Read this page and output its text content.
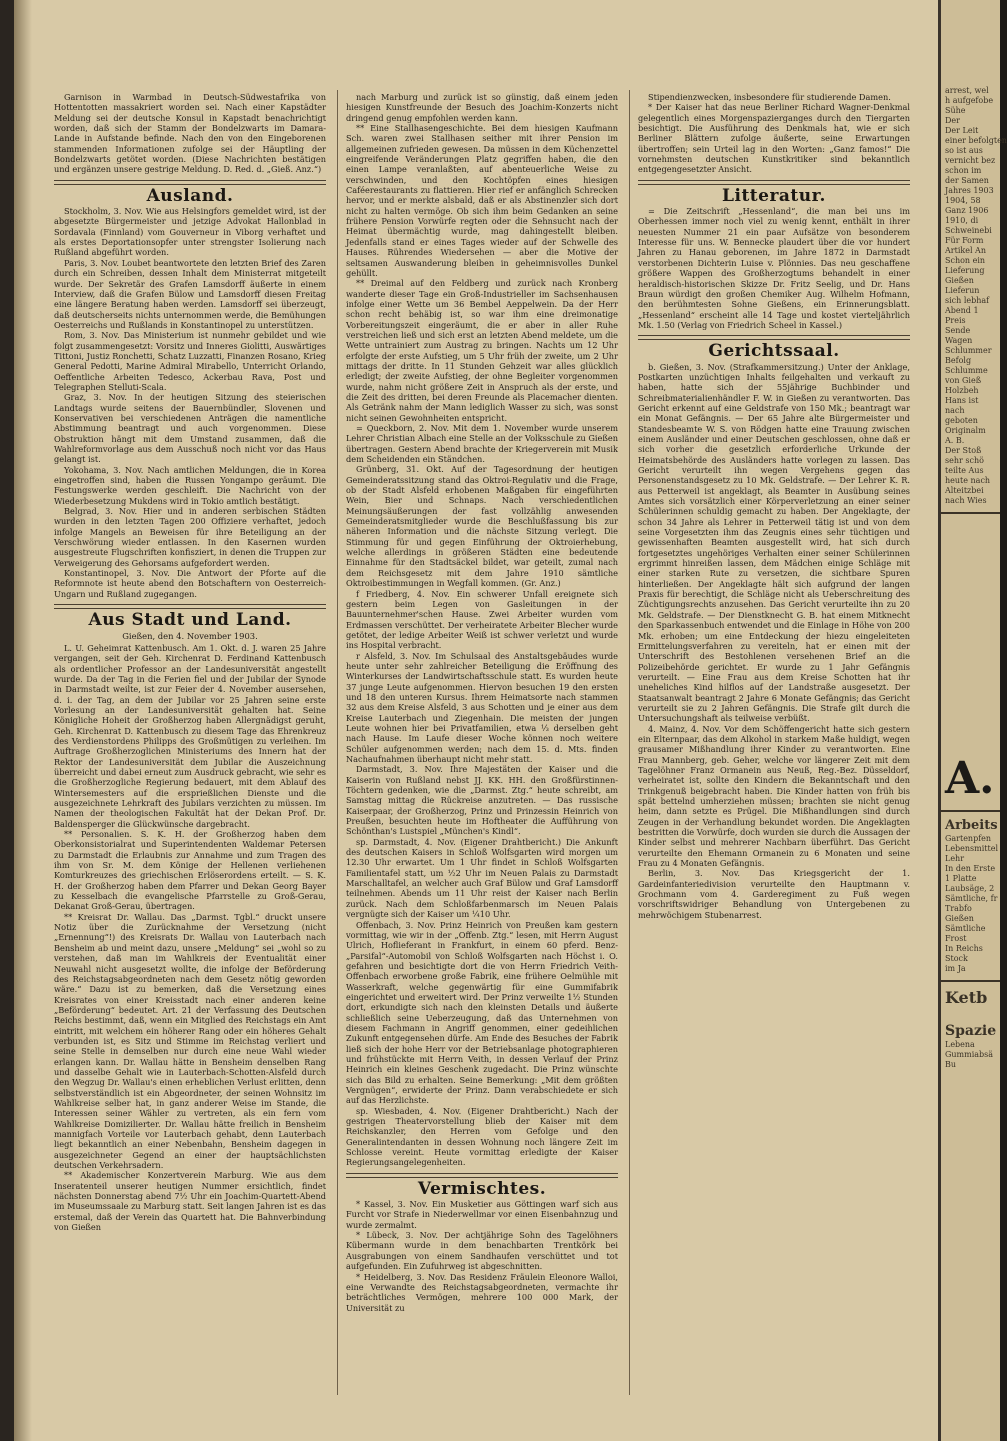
Garnison in Warmbad in Deutsch-Südwestafrika von Hottentotten massakriert worden sei. Nach einer Kapstädter Meldung sei der deutsche Konsul in Kapstadt benachrichtigt worden, daß sich der Stamm der Bondelzwarts im Damara-Lande in Aufstande befinde. Nach den von den Eingeborenen stammenden Informationen zufolge sei der Häuptling der Bondelzwarts getötet worden. (Diese Nachrichten bestätigen und ergänzen unsere gestrige Meldung. D. Red. d. „Gieß. Anz.“)

Ausland.

Stockholm, 3. Nov. Wie aus Helsingfors gemeldet wird, ist der abgesetzte Bürgermeister und jetzige Advokat Hallonblad in Sordavala (Finnland) vom Gouverneur in Viborg verhaftet und als erstes Deportationsopfer unter strengster Isolierung nach Rußland abgeführt worden.

Paris, 3. Nov. Loubet beantwortete den letzten Brief des Zaren durch ein Schreiben, dessen Inhalt dem Ministerrat mitgeteilt wurde. Der Sekretär des Grafen Lamsdorff äußerte in einem Interview, daß die Grafen Bülow und Lamsdorff diesen Freitag eine längere Beratung haben werden. Lamsdorff sei überzeugt, daß deutscherseits nichts unternommen werde, die Bemühungen Oesterreichs und Rußlands in Konstantinopel zu unterstützen.

Rom, 3. Nov. Das Ministerium ist nunmehr gebildet und wie folgt zusammengesetzt: Vorsitz und Inneres Giolitti, Auswärtiges Tittoni, Justiz Ronchetti, Schatz Luzzatti, Finanzen Rosano, Krieg General Pedotti, Marine Admiral Mirabello, Unterricht Orlando, Oeffentliche Arbeiten Tedesco, Ackerbau Rava, Post und Telegraphen Stelluti-Scala.

Graz, 3. Nov. In der heutigen Sitzung des steierischen Landtags wurde seitens der Bauernbündler, Slovenen und Konservativen bei verschiedenen Anträgen die namentliche Abstimmung beantragt und auch vorgenommen. Diese Obstruktion hängt mit dem Umstand zusammen, daß die Wahlreformvorlage aus dem Ausschuß noch nicht vor das Haus gelangt ist.

Yokohama, 3. Nov. Nach amtlichen Meldungen, die in Korea eingetroffen sind, haben die Russen Yongampo geräumt. Die Festungswerke werden geschleift. Die Nachricht von der Wiederbesetzung Mukdens wird in Tokio amtlich bestätigt.

Belgrad, 3. Nov. Hier und in anderen serbischen Städten wurden in den letzten Tagen 200 Offiziere verhaftet, jedoch infolge Mangels an Beweisen für ihre Beteiligung an der Verschwörung wieder entlassen. In den Kasernen wurden ausgestreute Flugschriften konfisziert, in denen die Truppen zur Verweigerung des Gehorsams aufgefordert werden.

Konstantinopel, 3. Nov. Die Antwort der Pforte auf die Reformnote ist heute abend den Botschaftern von Oesterreich-Ungarn und Rußland zugegangen.

Aus Stadt und Land.

Gießen, den 4. November 1903.

L. U. Geheimrat Kattenbusch. Am 1. Okt. d. J. waren 25 Jahre vergangen, seit der Geh. Kirchenrat D. Ferdinand Kattenbusch als ordentlicher Professor an der Landesuniversität angestellt wurde. Da der Tag in die Ferien fiel und der Jubilar der Synode in Darmstadt weilte, ist zur Feier der 4. November ausersehen, d. i. der Tag, an dem der Jubilar vor 25 Jahren seine erste Vorlesung an der Landesuniversität gehalten hat. Seine Königliche Hoheit der Großherzog haben Allergnädigst geruht, Geh. Kirchenrat D. Kattenbusch zu diesem Tage das Ehrenkreuz des Verdienstordens Philipps des Großmütigen zu verleihen. Im Auftrage Großherzoglichen Ministeriums des Innern hat der Rektor der Landesuniversität dem Jubilar die Auszeichnung überreicht und dabei erneut zum Ausdruck gebracht, wie sehr es die Großherzogliche Regierung bedauert, mit dem Ablauf des Wintersemesters auf die ersprießlichen Dienste und die ausgezeichnete Lehrkraft des Jubilars verzichten zu müssen. Im Namen der theologischen Fakultät hat der Dekan Prof. Dr. Baldensperger die Glückwünsche dargebracht.

** Personalien. S. K. H. der Großherzog haben dem Oberkonsistorialrat und Superintendenten Waldemar Petersen zu Darmstadt die Erlaubnis zur Annahme und zum Tragen des ihm von Sr. M. dem Könige der Hellenen verliehenen Komturkreuzes des griechischen Erlöserordens erteilt. — S. K. H. der Großherzog haben dem Pfarrer und Dekan Georg Bayer zu Kesselbach die evangelische Pfarrstelle zu Groß-Gerau, Dekanat Groß-Gerau, übertragen.

** Kreisrat Dr. Wallau. Das „Darmst. Tgbl.“ druckt unsere Notiz über die Zurücknahme der Versetzung (nicht „Ernennung“!) des Kreisrats Dr. Wallau von Lauterbach nach Bensheim ab und meint dazu, unsere „Meldung“ sei „wohl so zu verstehen, daß man im Wahlkreis der Eventualität einer Neuwahl nicht ausgesetzt wollte, die infolge der Beförderung des Reichstagsabgeordneten nach dem Gesetz nötig geworden wäre.“ Dazu ist zu bemerken, daß die Versetzung eines Kreisrates von einer Kreisstadt nach einer anderen keine „Beförderung“ bedeutet. Art. 21 der Verfassung des Deutschen Reichs bestimmt, daß, wenn ein Mitglied des Reichstags ein Amt eintritt, mit welchem ein höherer Rang oder ein höheres Gehalt verbunden ist, es Sitz und Stimme im Reichstag verliert und seine Stelle in demselben nur durch eine neue Wahl wieder erlangen kann. Dr. Wallau hätte in Bensheim denselben Rang und dasselbe Gehalt wie in Lauterbach-Schotten-Alsfeld durch den Wegzug Dr. Wallau's einen erheblichen Verlust erlitten, denn selbstverständlich ist ein Abgeordneter, der seinen Wohnsitz im Wahlkreise selber hat, in ganz anderer Weise im Stande, die Interessen seiner Wähler zu vertreten, als ein fern vom Wahlkreise Domizilierter. Dr. Wallau hätte freilich in Bensheim mannigfach Vorteile vor Lauterbach gehabt, denn Lauterbach liegt bekanntlich an einer Nebenbahn, Bensheim dagegen in ausgezeichneter Gegend an einer der hauptsächlichsten deutschen Verkehrsadern.

** Akademischer Konzertverein Marburg. Wie aus dem Inseratenteil unserer heutigen Nummer ersichtlich, findet nächsten Donnerstag abend 7½ Uhr ein Joachim-Quartett-Abend im Museumssaale zu Marburg statt. Seit langen Jahren ist es das erstemal, daß der Verein das Quartett hat. Die Bahnverbindung von Gießen

nach Marburg und zurück ist so günstig, daß einem jeden hiesigen Kunstfreunde der Besuch des Joachim-Konzerts nicht dringend genug empfohlen werden kann.

** Eine Stallhasengeschichte. Bei dem hiesigen Kaufmann Sch. waren zwei Stallhasen seither mit ihrer Pension im allgemeinen zufrieden gewesen. Da müssen in dem Küchenzettel eingreifende Veränderungen Platz gegriffen haben, die den einen Lampe veranlaßten, auf abenteuerliche Weise zu verschwinden, und den Kochtöpfen eines hiesigen Caféerestaurants zu flattieren. Hier rief er anfänglich Schrecken hervor, und er merkte alsbald, daß er als Abstinenzler sich dort nicht zu halten vermöge. Ob sich ihm beim Gedanken an seine frühere Pension Vorwürfe regten oder die Sehnsucht nach der Heimat übermächtig wurde, mag dahingestellt bleiben. Jedenfalls stand er eines Tages wieder auf der Schwelle des Hauses. Rührendes Wiedersehen — aber die Motive der seltsamen Auswanderung bleiben in geheimnisvolles Dunkel gehüllt.

** Dreimal auf den Feldberg und zurück nach Kronberg wanderte dieser Tage ein Groß-Industrieller im Sachsenhausen infolge einer Wette um 36 Bembel Aeppelwein. Da der Herr schon recht behäbig ist, so war ihm eine dreimonatige Vorbereitungszeit eingeräumt, die er aber in aller Ruhe verstreichen ließ und sich erst an letzten Abend meldete, um die Wette untrainiert zum Austrag zu bringen. Nachts um 12 Uhr erfolgte der erste Aufstieg, um 5 Uhr früh der zweite, um 2 Uhr mittags der dritte. In 11 Stunden Gehzeit war alles glücklich erledigt; der zweite Aufstieg, der ohne Begleiter vorgenommen wurde, nahm nicht größere Zeit in Anspruch als der erste, und die Zeit des dritten, bei deren Freunde als Placemacher dienten. Als Getränk nahm der Mann lediglich Wasser zu sich, was sonst nicht seinen Gewohnheiten entspricht.

= Queckborn, 2. Nov. Mit dem 1. November wurde unserem Lehrer Christian Albach eine Stelle an der Volksschule zu Gießen übertragen. Gestern Abend brachte der Kriegerverein mit Musik dem Scheidenden ein Ständchen.

Grünberg, 31. Okt. Auf der Tagesordnung der heutigen Gemeinderatssitzung stand das Oktroi-Regulativ und die Frage, ob der Stadt Alsfeld erhobenen Maßgaben für eingeführten Wein, Bier und Schnaps. Nach verschiedentlichen Meinungsäußerungen der fast vollzählig anwesenden Gemeinderatsmitglieder wurde die Beschlußfassung bis zur näheren Information und die nächste Sitzung verlegt. Die Stimmung für und gegen Einführung der Oktroierhebung, welche allerdings in größeren Städten eine bedeutende Einnahme für den Stadtsäckel bildet, war geteilt, zumal nach dem Reichsgesetz mit dem Jahre 1910 sämtliche Oktroibestimmungen in Wegfall kommen. (Gr. Anz.)

f Friedberg, 4. Nov. Ein schwerer Unfall ereignete sich gestern beim Legen von Gasleitungen in der Bauunternehmer'schen Hause. Zwei Arbeiter wurden vom Erdmassen verschüttet. Der verheiratete Arbeiter Blecher wurde getötet, der ledige Arbeiter Weiß ist schwer verletzt und wurde ins Hospital verbracht.

r Alsfeld, 3. Nov. Im Schulsaal des Anstaltsgebäudes wurde heute unter sehr zahlreicher Beteiligung die Eröffnung des Winterkurses der Landwirtschaftsschule statt. Es wurden heute 37 junge Leute aufgenommen. Hiervon besuchen 19 den ersten und 18 den unteren Kursus. Ihrem Heimatsorte nach stammen 32 aus dem Kreise Alsfeld, 3 aus Schotten und je einer aus dem Kreise Lauterbach und Ziegenhain. Die meisten der jungen Leute wohnen hier bei Privatfamilien, etwa ⅓ derselben geht nach Hause. Im Laufe dieser Woche können noch weitere Schüler aufgenommen werden; nach dem 15. d. Mts. finden Nachaufnahmen überhaupt nicht mehr statt.

Darmstadt, 3. Nov. Ihre Majestäten der Kaiser und die Kaiserin von Rußland nebst JJ. KK. HH. den Großfürstinnen-Töchtern gedenken, wie die „Darmst. Ztg.“ heute schreibt, am Samstag mittag die Rückreise anzutreten. — Das russische Kaiserpaar, der Großherzog, Prinz und Prinzessin Heinrich von Preußen, besuchten heute im Hoftheater die Aufführung von Schönthan's Lustspiel „München's Kindl“.

sp. Darmstadt, 4. Nov. (Eigener Drahtbericht.) Die Ankunft des deutschen Kaisers in Schloß Wolfsgarten wird morgen um 12.30 Uhr erwartet. Um 1 Uhr findet in Schloß Wolfsgarten Familientafel statt, um ½2 Uhr im Neuen Palais zu Darmstadt Marschalltafel, an welcher auch Graf Bülow und Graf Lamsdorff teilnehmen. Abends um 11 Uhr reist der Kaiser nach Berlin zurück. Nach dem Schloßfarbenmarsch im Neuen Palais vergnügte sich der Kaiser um ¼10 Uhr.

Offenbach, 3. Nov. Prinz Heinrich von Preußen kam gestern vormittag, wie wir in der „Offenb. Ztg.“ lesen, mit Herrn August Ulrich, Hoflieferant in Frankfurt, in einem 60 pferd. Benz-„Parsifal“-Automobil von Schloß Wolfsgarten nach Höchst i. O. gefahren und besichtigte dort die von Herrn Friedrich Veith-Offenbach erworbene große Fabrik, eine frühere Oelmühle mit Wasserkraft, welche gegenwärtig für eine Gummifabrik eingerichtet und erweitert wird. Der Prinz verweilte 1½ Stunden dort, erkundigte sich nach den kleinsten Details und äußerte schließlich seine Ueberzeugung, daß das Unternehmen von diesem Fachmann in Angriff genommen, einer gedeihlichen Zukunft entgegensehen dürfe. Am Ende des Besuches der Fabrik ließ sich der hohe Herr vor der Betriebsanlage photographieren und frühstückte mit Herrn Veith, in dessen Verlauf der Prinz Heinrich ein kleines Geschenk zugedacht. Die Prinz wünschte sich das Bild zu erhalten. Seine Bemerkung: „Mit dem größten Vergnügen“, erwiderte der Prinz. Dann verabschiedete er sich auf das Herzlichste.

sp. Wiesbaden, 4. Nov. (Eigener Drahtbericht.) Nach der gestrigen Theatervorstellung blieb der Kaiser mit dem Reichskanzler, den Herren vom Gefolge und den Generalintendanten in dessen Wohnung noch längere Zeit im Schlosse vereint. Heute vormittag erledigte der Kaiser Regierungsangelegenheiten.

Vermischtes.

* Kassel, 3. Nov. Ein Musketier aus Göttingen warf sich aus Furcht vor Strafe in Niederwellmar vor einen Eisenbahnzug und wurde zermalmt.

* Lübeck, 3. Nov. Der achtjährige Sohn des Tagelöhners Kübermann wurde in dem benachbarten Trentkörk bei Ausgrabungen von einem Sandhaufen verschüttet und tot aufgefunden. Ein Zufuhrweg ist abgeschnitten.

* Heidelberg, 3. Nov. Das Residenz Fräulein Eleonore Walloi, eine Verwandte des Reichstagsabgeordneten, vermachte ihr beträchtliches Vermögen, mehrere 100 000 Mark, der Universität zu

Stipendienzwecken, insbesondere für studierende Damen.

* Der Kaiser hat das neue Berliner Richard Wagner-Denkmal gelegentlich eines Morgenspazierganges durch den Tiergarten besichtigt. Die Ausführung des Denkmals hat, wie er sich Berliner Blättern zufolge äußerte, seine Erwartungen übertroffen; sein Urteil lag in den Worten: „Ganz famos!“ Die vornehmsten deutschen Kunstkritiker sind bekanntlich entgegengesetzter Ansicht.

Litteratur.

= Die Zeitschrift „Hessenland“, die man bei uns im Oberhessen immer noch viel zu wenig kennt, enthält in ihrer neuesten Nummer 21 ein paar Aufsätze von besonderem Interesse für uns. W. Bennecke plaudert über die vor hundert Jahren zu Hanau geborenen, im Jahre 1872 in Darmstadt verstorbenen Dichterin Luise v. Plönnies. Das neu geschaffene größere Wappen des Großherzogtums behandelt in einer heraldisch-historischen Skizze Dr. Fritz Seelig, und Dr. Hans Braun würdigt den großen Chemiker Aug. Wilhelm Hofmann, den berühmtesten Sohne Gießens, ein Erinnerungsblatt. „Hessenland“ erscheint alle 14 Tage und kostet vierteljährlich Mk. 1.50 (Verlag von Friedrich Scheel in Kassel.)

Gerichtssaal.

b. Gießen, 3. Nov. (Strafkammersitzung.) Unter der Anklage, Postkarten unzüchtigen Inhalts feilgehalten und verkauft zu haben, hatte sich der 55jährige Buchbinder und Schreibmaterialienhändler F. W. in Gießen zu verantworten. Das Gericht erkennt auf eine Geldstrafe von 150 Mk.; beantragt war ein Monat Gefängnis. — Der 65 Jahre alte Bürgermeister und Standesbeamte W. S. von Rödgen hatte eine Trauung zwischen einem Ausländer und einer Deutschen geschlossen, ohne daß er sich vorher die gesetzlich erforderliche Urkunde der Heimatsbehörde des Ausländers hatte vorlegen zu lassen. Das Gericht verurteilt ihn wegen Vergehens gegen das Personenstandsgesetz zu 10 Mk. Geldstrafe. — Der Lehrer K. R. aus Petterweil ist angeklagt, als Beamter in Ausübung seines Amtes sich vorsätzlich einer Körperverletzung an einer seiner Schülerinnen schuldig gemacht zu haben. Der Angeklagte, der schon 34 Jahre als Lehrer in Petterweil tätig ist und von dem seine Vorgesetzten ihm das Zeugnis eines sehr tüchtigen und gewissenhaften Beamten ausgestellt wird, hat sich durch fortgesetztes ungehöriges Verhalten einer seiner Schülerinnen ergrimmt hinreißen lassen, dem Mädchen einige Schläge mit einer starken Rute zu versetzen, die sichtbare Spuren hinterließen. Der Angeklagte hält sich aufgrund der langen Praxis für berechtigt, die Schläge nicht als Ueberschreitung des Züchtigungsrechts anzusehen. Das Gericht verurteilte ihn zu 20 Mk. Geldstrafe. — Der Dienstknecht G. B. hat einem Mitknecht den Sparkassenbuch entwendet und die Einlage in Höhe von 200 Mk. erhoben; um eine Entdeckung der hiezu eingeleiteten Ermittelungsverfahren zu vereiteln, hat er einen mit der Unterschrift des Bestohlenen versehenen Brief an die Polizeibehörde gerichtet. Er wurde zu 1 Jahr Gefängnis verurteilt. — Eine Frau aus dem Kreise Schotten hat ihr uneheliches Kind hilflos auf der Landstraße ausgesetzt. Der Staatsanwalt beantragt 2 Jahre 6 Monate Gefängnis; das Gericht verurteilt sie zu 2 Jahren Gefängnis. Die Strafe gilt durch die Untersuchungshaft als teilweise verbüßt.

4. Mainz, 4. Nov. Vor dem Schöffengericht hatte sich gestern ein Elternpaar, das dem Alkohol in starkem Maße huldigt, wegen grausamer Mißhandlung ihrer Kinder zu verantworten. Eine Frau Mannberg, geb. Geher, welche vor längerer Zeit mit dem Tagelöhner Franz Ormanein aus Neuß, Reg.-Bez. Düsseldorf, verheiratet ist, sollte den Kindern die Bekanntschaft und den Trinkgenuß beigebracht haben. Die Kinder hatten von früh bis spät bettelnd umherziehen müssen; brachten sie nicht genug heim, dann setzte es Prügel. Die Mißhandlungen sind durch Zeugen in der Verhandlung bekundet worden. Die Angeklagten bestritten die Vorwürfe, doch wurden sie durch die Aussagen der Kinder selbst und mehrerer Nachbarn überführt. Das Gericht verurteilte den Ehemann Ormanein zu 6 Monaten und seine Frau zu 4 Monaten Gefängnis.

Berlin, 3. Nov. Das Kriegsgericht der 1. Gardeinfanteriedivision verurteilte den Hauptmann v. Grochmann vom 4. Garderegiment zu Fuß wegen vorschriftswidriger Behandlung von Untergebenen zu mehrwöchigem Stubenarrest.

arrest, wel
h aufgefobe
Sühe
Der
Der Leit
einer befolgten
so ist aus
vernicht bez
schon im
der Samen
Jahres 1903
1904, 58
Ganz 1906
1910, di
Schweinebi
Für Form
Artikel An
Schon ein
Lieferung
Gießen
Lieferun
sich lebhaf
Abend 1
Preis
Sende
Wagen
Schlummer
Befolg
Schlumme
von Gieß
Holzbeh
Hans ist
nach
geboten
Originalm
A. B.
Der Stoß
sehr schö
teilte Aus
heute nach
Alteitzbei
nach Wies
A.
Arbeits
Gartenpfen
Lebensmittel
Lehr
In den Erste
1 Platte
Laubsäge, 2
Sämtliche, fr
Trabfo
Gießen
Sämtliche
Frost
In Reichs
Stock
im Ja
Ketb
Spazie
Lebena
Gummiabsä
Bu
